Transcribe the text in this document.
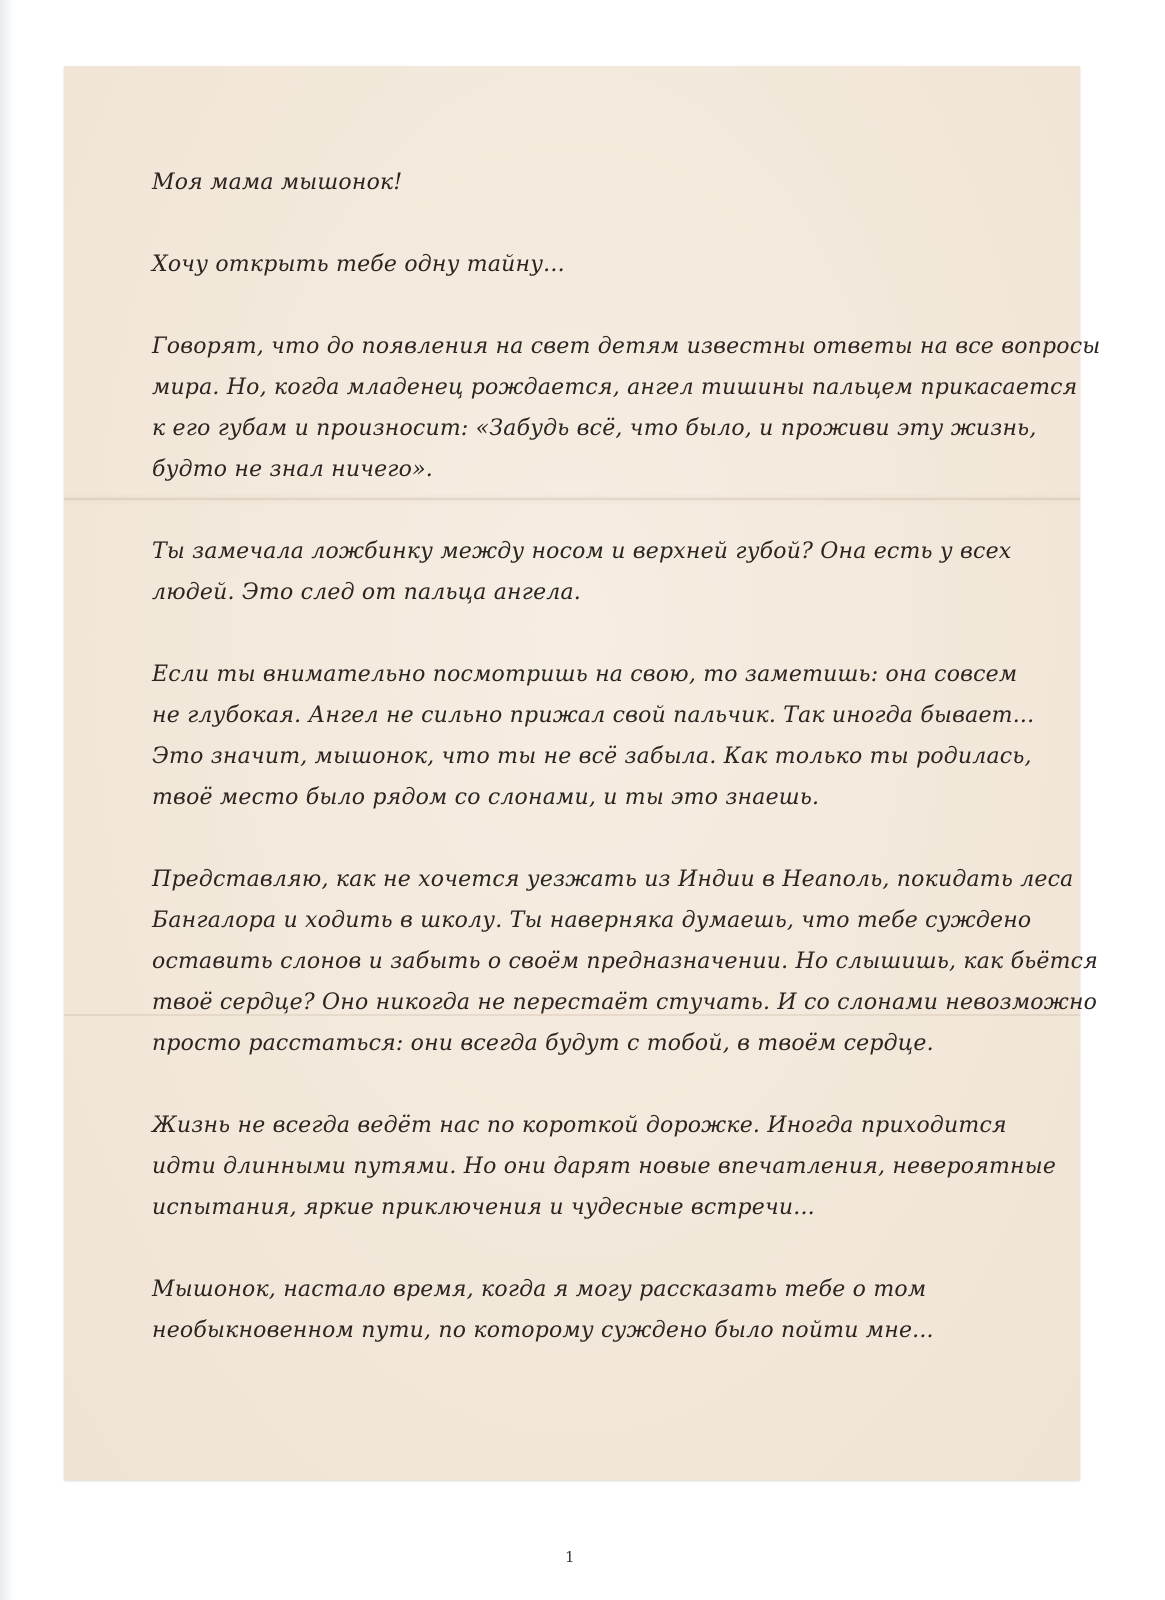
Моя мама мышонок!
Хочу открыть тебе одну тайну...
Говорят, что до появления на свет детям известны ответы на все вопросы
мира. Но, когда младенец рождается, ангел тишины пальцем прикасается
к его губам и произносит: «Забудь всё, что было, и проживи эту жизнь,
будто не знал ничего».
Ты замечала ложбинку между носом и верхней губой? Она есть у всех
людей. Это след от пальца ангела.
Если ты внимательно посмотришь на свою, то заметишь: она совсем
не глубокая. Ангел не сильно прижал свой пальчик. Так иногда бывает...
Это значит, мышонок, что ты не всё забыла. Как только ты родилась,
твоё место было рядом со слонами, и ты это знаешь.
Представляю, как не хочется уезжать из Индии в Неаполь, покидать леса
Бангалора и ходить в школу. Ты наверняка думаешь, что тебе суждено
оставить слонов и забыть о своём предназначении. Но слышишь, как бьётся
твоё сердце? Оно никогда не перестаёт стучать. И со слонами невозможно
просто расстаться: они всегда будут с тобой, в твоём сердце.
Жизнь не всегда ведёт нас по короткой дорожке. Иногда приходится
идти длинными путями. Но они дарят новые впечатления, невероятные
испытания, яркие приключения и чудесные встречи...
Мышонок, настало время, когда я могу рассказать тебе о том
необыкновенном пути, по которому суждено было пойти мне...
1
